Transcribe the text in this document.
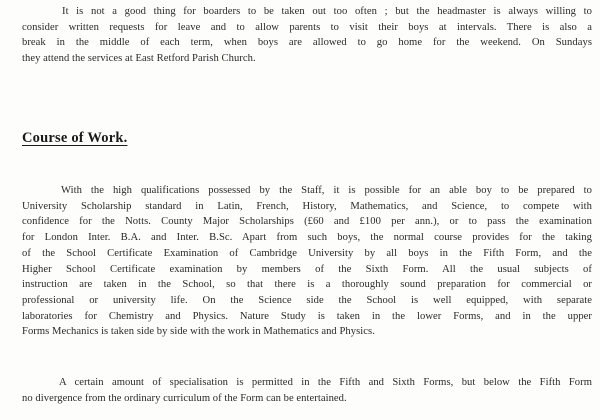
It is not a good thing for boarders to be taken out too often ; but the headmaster is always willing to
consider written requests for leave and to allow parents to visit their boys at intervals. There is also a
break in the middle of each term, when boys are allowed to go home for the weekend. On Sundays
they attend the services at East Retford Parish Church.

Course of Work.

With the high qualifications possessed by the Staff, it is possible for an able boy to be prepared to
University Scholarship standard in Latin, French, History, Mathematics, and Science, to compete with
confidence for the Notts. County Major Scholarships (£60 and £100 per ann.), or to pass the examination
for London Inter. B.A. and Inter. B.Sc. Apart from such boys, the normal course provides for the taking
of the School Certificate Examination of Cambridge University by all boys in the Fifth Form, and the
Higher School Certificate examination by members of the Sixth Form. All the usual subjects of
instruction are taken in the School, so that there is a thoroughly sound preparation for commercial or
professional or university life. On the Science side the School is well equipped, with separate
laboratories for Chemistry and Physics. Nature Study is taken in the lower Forms, and in the upper
Forms Mechanics is taken side by side with the work in Mathematics and Physics.

A certain amount of specialisation is permitted in the Fifth and Sixth Forms, but below the Fifth Form
no divergence from the ordinary curriculum of the Form can be entertained.
